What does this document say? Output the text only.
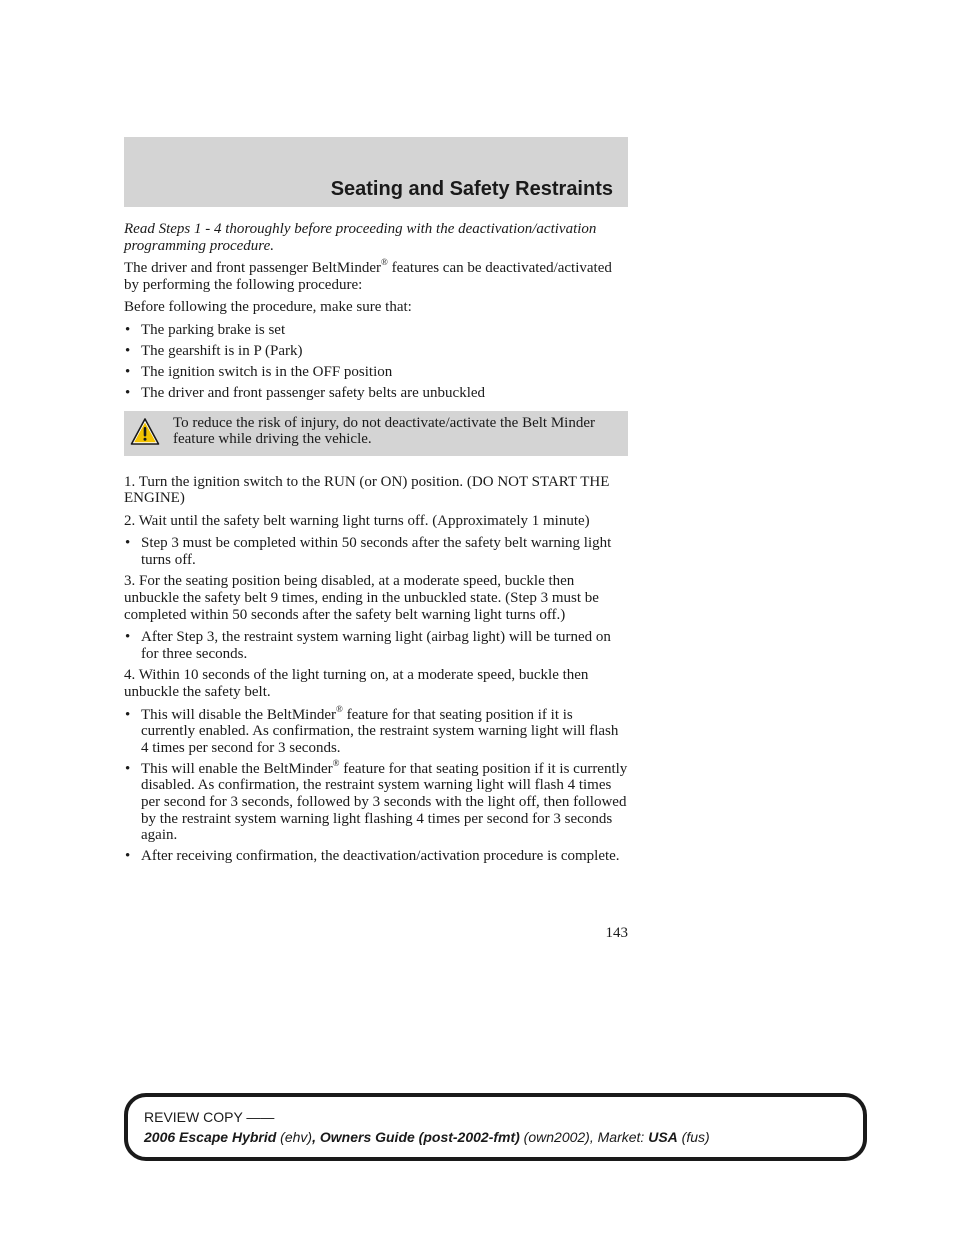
Seating and Safety Restraints

Read Steps 1 - 4 thoroughly before proceeding with the deactivation/activation programming procedure.

The driver and front passenger BeltMinder® features can be deactivated/activated by performing the following procedure:

Before following the procedure, make sure that:

• The parking brake is set
• The gearshift is in P (Park)
• The ignition switch is in the OFF position
• The driver and front passenger safety belts are unbuckled

To reduce the risk of injury, do not deactivate/activate the Belt Minder feature while driving the vehicle.

1. Turn the ignition switch to the RUN (or ON) position. (DO NOT START THE ENGINE)

2. Wait until the safety belt warning light turns off. (Approximately 1 minute)

• Step 3 must be completed within 50 seconds after the safety belt warning light turns off.

3. For the seating position being disabled, at a moderate speed, buckle then unbuckle the safety belt 9 times, ending in the unbuckled state. (Step 3 must be completed within 50 seconds after the safety belt warning light turns off.)

• After Step 3, the restraint system warning light (airbag light) will be turned on for three seconds.

4. Within 10 seconds of the light turning on, at a moderate speed, buckle then unbuckle the safety belt.

• This will disable the BeltMinder® feature for that seating position if it is currently enabled. As confirmation, the restraint system warning light will flash 4 times per second for 3 seconds.
• This will enable the BeltMinder® feature for that seating position if it is currently disabled. As confirmation, the restraint system warning light will flash 4 times per second for 3 seconds, followed by 3 seconds with the light off, then followed by the restraint system warning light flashing 4 times per second for 3 seconds again.
• After receiving confirmation, the deactivation/activation procedure is complete.
143
REVIEW COPY ——
2006 Escape Hybrid (ehv), Owners Guide (post-2002-fmt) (own2002), Market: USA (fus)
